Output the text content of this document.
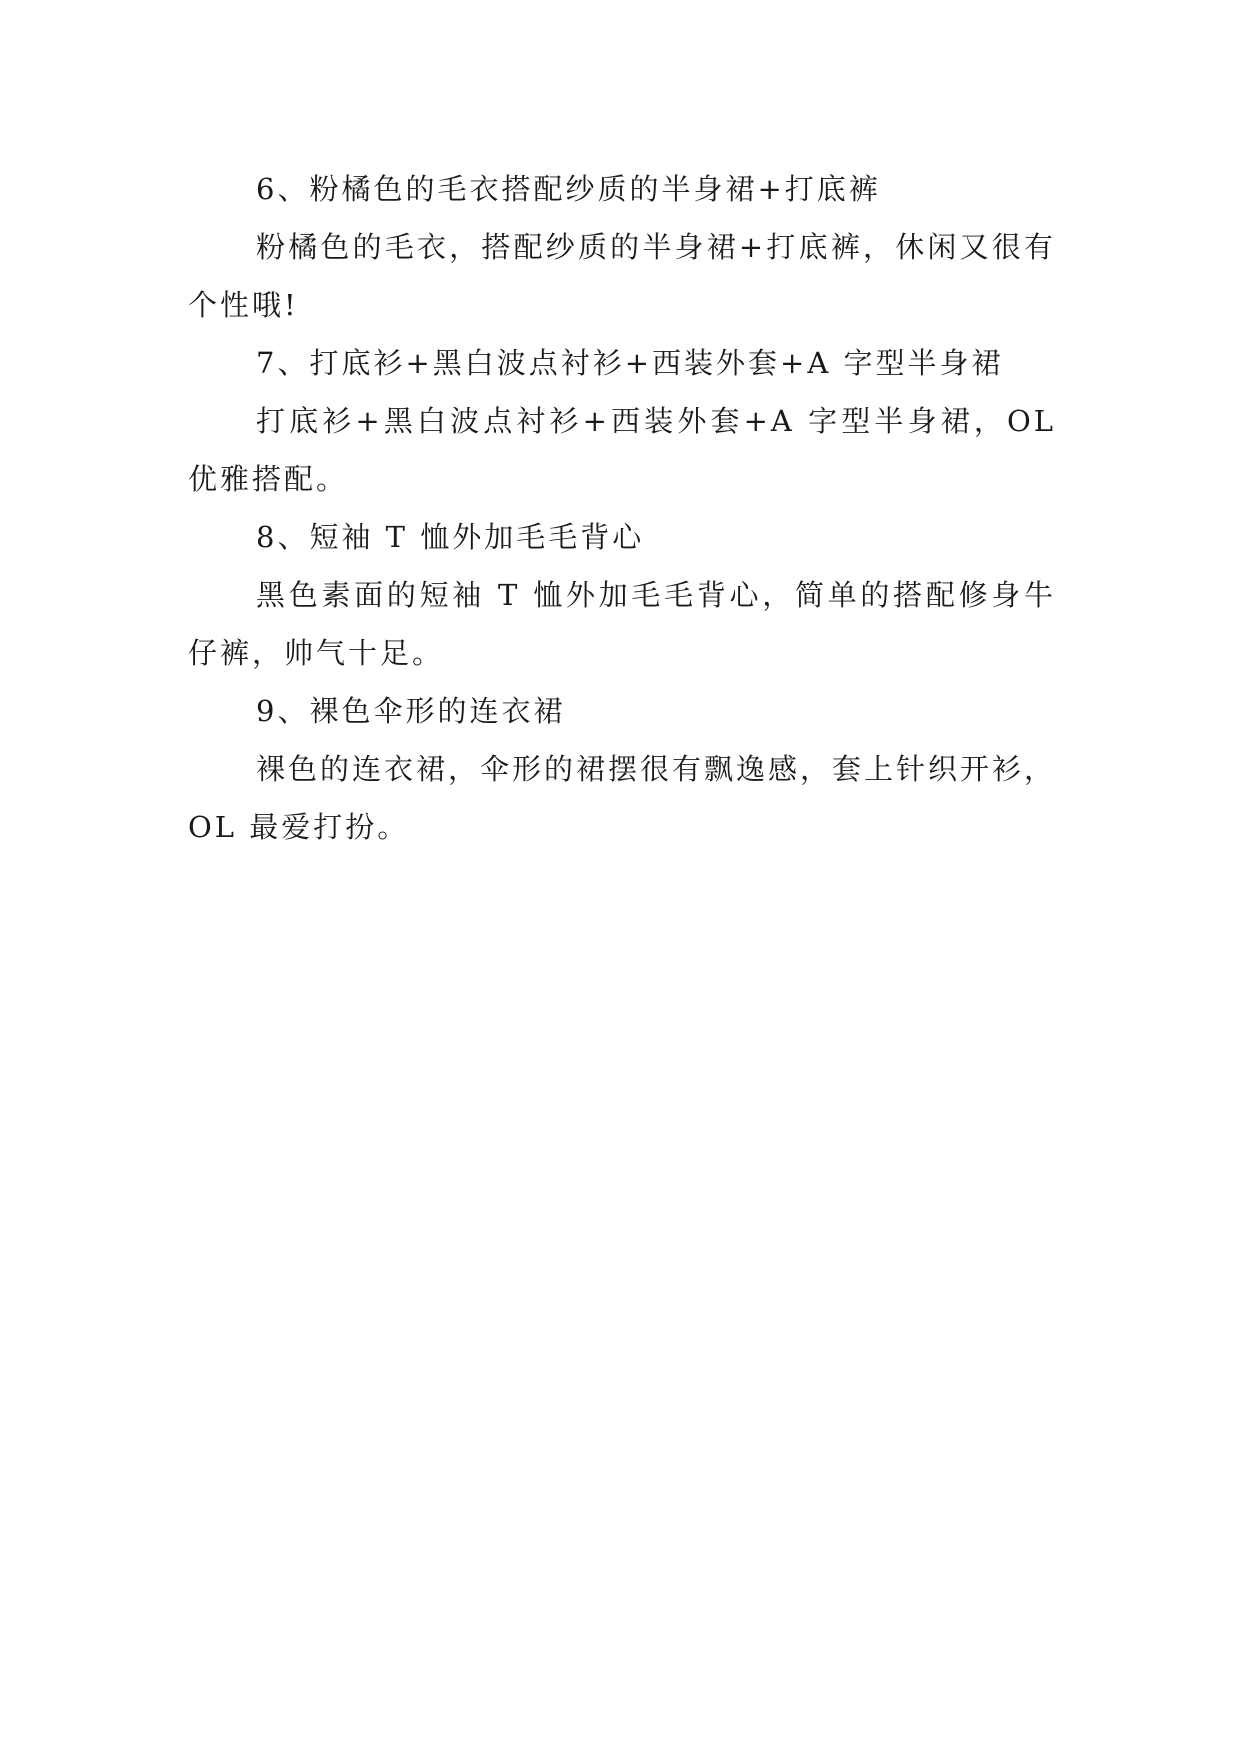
6、粉橘色的毛衣搭配纱质的半身裙+打底裤

粉橘色的毛衣，搭配纱质的半身裙+打底裤，休闲又很有个性哦!

7、打底衫+黑白波点衬衫+西装外套+A 字型半身裙

打底衫+黑白波点衬衫+西装外套+A 字型半身裙，OL 优雅搭配。

8、短袖 T 恤外加毛毛背心

黑色素面的短袖 T 恤外加毛毛背心，简单的搭配修身牛仔裤，帅气十足。

9、裸色伞形的连衣裙

裸色的连衣裙，伞形的裙摆很有飘逸感，套上针织开衫，OL 最爱打扮。
